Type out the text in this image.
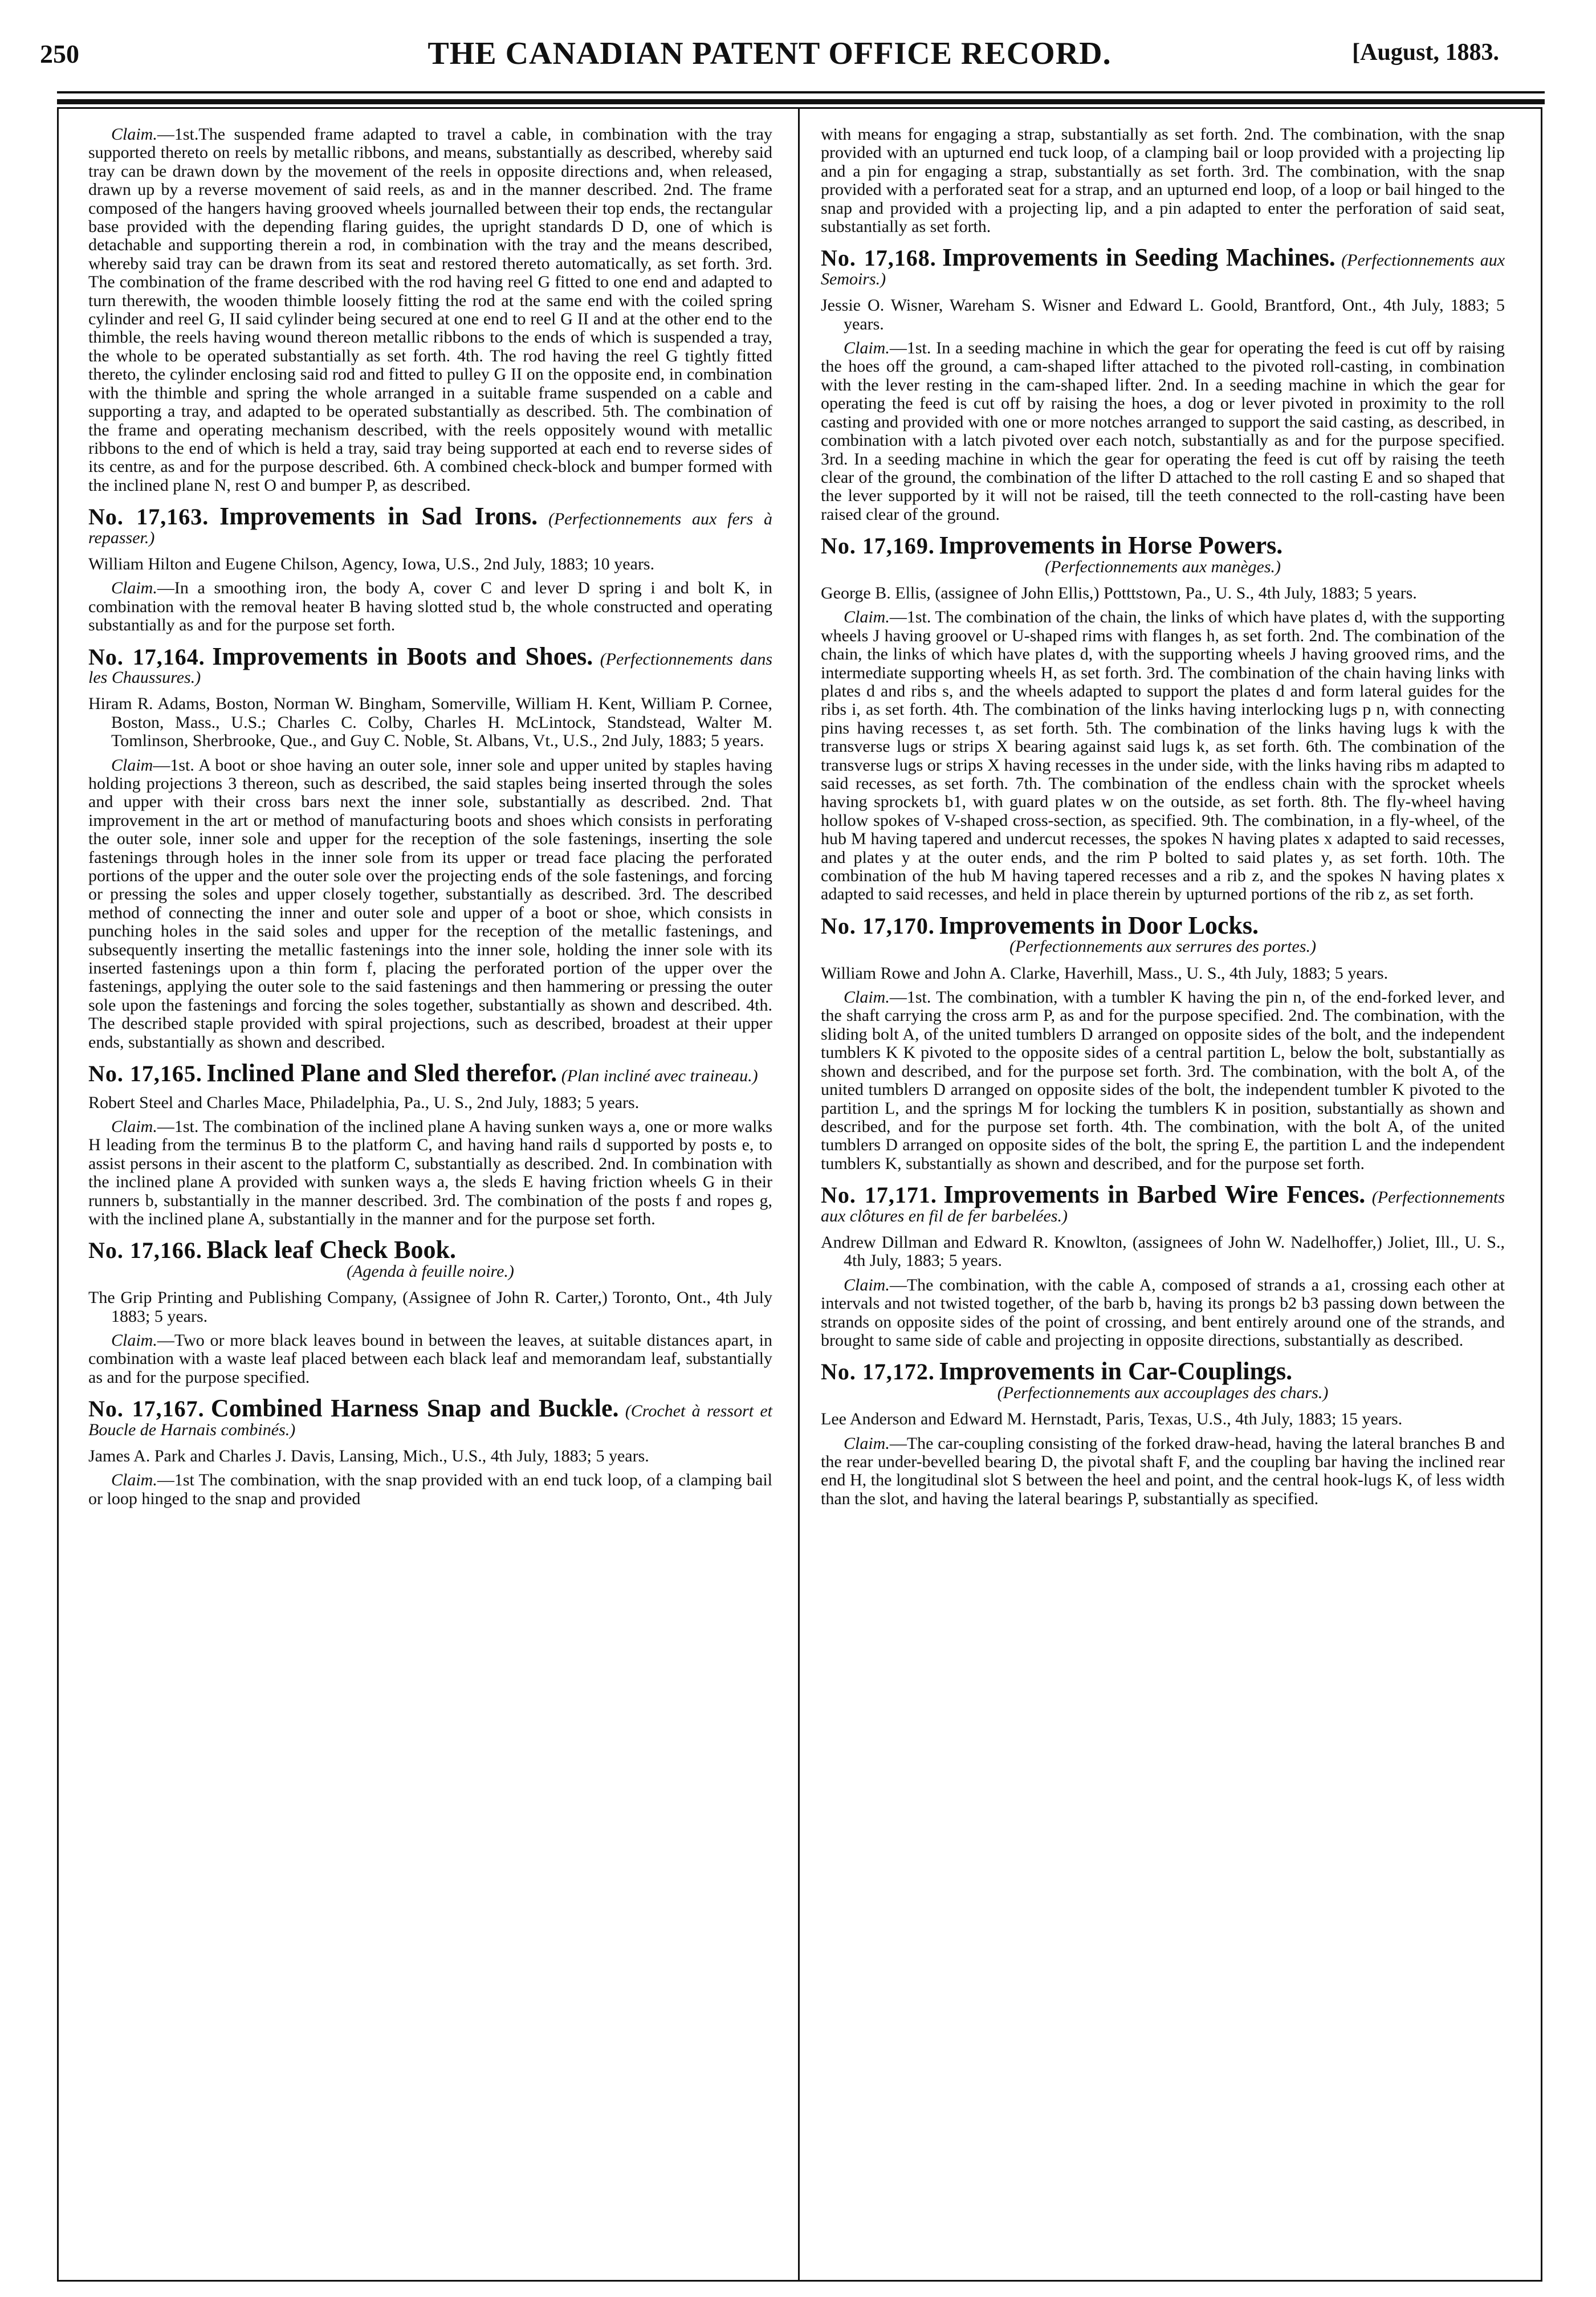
250	THE CANADIAN PATENT OFFICE RECORD.	[August, 1883.

Claim.—1st.The suspended frame adapted to travel a cable, in combination with the tray supported thereto on reels by metallic ribbons, and means, substantially as described, whereby said tray can be drawn down by the movement of the reels in opposite directions and, when released, drawn up by a reverse movement of said reels, as and in the manner described. 2nd. The frame composed of the hangers having grooved wheels journalled between their top ends, the rectangular base provided with the depending flaring guides, the upright standards D D, one of which is detachable and supporting therein a rod, in combination with the tray and the means described, whereby said tray can be drawn from its seat and restored thereto automatically, as set forth. 3rd. The combination of the frame described with the rod having reel G fitted to one end and adapted to turn therewith, the wooden thimble loosely fitting the rod at the same end with the coiled spring cylinder and reel G, II said cylinder being secured at one end to reel G II and at the other end to the thimble, the reels having wound thereon metallic ribbons to the ends of which is suspended a tray, the whole to be operated substantially as set forth. 4th. The rod having the reel G tightly fitted thereto, the cylinder enclosing said rod and fitted to pulley G II on the opposite end, in combination with the thimble and spring the whole arranged in a suitable frame suspended on a cable and supporting a tray, and adapted to be operated substantially as described. 5th. The combination of the frame and operating mechanism described, with the reels oppositely wound with metallic ribbons to the end of which is held a tray, said tray being supported at each end to reverse sides of its centre, as and for the purpose described. 6th. A combined check-block and bumper formed with the inclined plane N, rest O and bumper P, as described.

No. 17,163. Improvements in Sad Irons. (Perfectionnements aux fers à repasser.)

William Hilton and Eugene Chilson, Agency, Iowa, U.S., 2nd July, 1883; 10 years.

Claim.—In a smoothing iron, the body A, cover C and lever D spring i and bolt K, in combination with the removal heater B having slotted stud b, the whole constructed and operating substantially as and for the purpose set forth.

No. 17,164. Improvements in Boots and Shoes. (Perfectionnements dans les Chaussures.)

Hiram R. Adams, Boston, Norman W. Bingham, Somerville, William H. Kent, William P. Cornee, Boston, Mass., U.S.; Charles C. Colby, Charles H. McLintock, Standstead, Walter M. Tomlinson, Sherbrooke, Que., and Guy C. Noble, St. Albans, Vt., U.S., 2nd July, 1883; 5 years.

Claim—1st. A boot or shoe having an outer sole, inner sole and upper united by staples having holding projections 3 thereon, such as described, the said staples being inserted through the soles and upper with their cross bars next the inner sole, substantially as described. 2nd. That improvement in the art or method of manufacturing boots and shoes which consists in perforating the outer sole, inner sole and upper for the reception of the sole fastenings, inserting the sole fastenings through holes in the inner sole from its upper or tread face placing the perforated portions of the upper and the outer sole over the projecting ends of the sole fastenings, and forcing or pressing the soles and upper closely together, substantially as described. 3rd. The described method of connecting the inner and outer sole and upper of a boot or shoe, which consists in punching holes in the said soles and upper for the reception of the metallic fastenings, and subsequently inserting the metallic fastenings into the inner sole, holding the inner sole with its inserted fastenings upon a thin form f, placing the perforated portion of the upper over the fastenings, applying the outer sole to the said fastenings and then hammering or pressing the outer sole upon the fastenings and forcing the soles together, substantially as shown and described. 4th. The described staple provided with spiral projections, such as described, broadest at their upper ends, substantially as shown and described.

No. 17,165. Inclined Plane and Sled therefor. (Plan incliné avec traineau.)

Robert Steel and Charles Mace, Philadelphia, Pa., U. S., 2nd July, 1883; 5 years.

Claim.—1st. The combination of the inclined plane A having sunken ways a, one or more walks H leading from the terminus B to the platform C, and having hand rails d supported by posts e, to assist persons in their ascent to the platform C, substantially as described. 2nd. In combination with the inclined plane A provided with sunken ways a, the sleds E having friction wheels G in their runners b, substantially in the manner described. 3rd. The combination of the posts f and ropes g, with the inclined plane A, substantially in the manner and for the purpose set forth.

No. 17,166. Black leaf Check Book.
(Agenda à feuille noire.)

The Grip Printing and Publishing Company, (Assignee of John R. Carter,) Toronto, Ont., 4th July 1883; 5 years.

Claim.—Two or more black leaves bound in between the leaves, at suitable distances apart, in combination with a waste leaf placed between each black leaf and memorandam leaf, substantially as and for the purpose specified.

No. 17,167. Combined Harness Snap and Buckle. (Crochet à ressort et Boucle de Harnais combinés.)

James A. Park and Charles J. Davis, Lansing, Mich., U.S., 4th July, 1883; 5 years.

Claim.—1st The combination, with the snap provided with an end tuck loop, of a clamping bail or loop hinged to the snap and provided

with means for engaging a strap, substantially as set forth. 2nd. The combination, with the snap provided with an upturned end tuck loop, of a clamping bail or loop provided with a projecting lip and a pin for engaging a strap, substantially as set forth. 3rd. The combination, with the snap provided with a perforated seat for a strap, and an upturned end loop, of a loop or bail hinged to the snap and provided with a projecting lip, and a pin adapted to enter the perforation of said seat, substantially as set forth.

No. 17,168. Improvements in Seeding Machines. (Perfectionnements aux Semoirs.)

Jessie O. Wisner, Wareham S. Wisner and Edward L. Goold, Brantford, Ont., 4th July, 1883; 5 years.

Claim.—1st. In a seeding machine in which the gear for operating the feed is cut off by raising the hoes off the ground, a cam-shaped lifter attached to the pivoted roll-casting, in combination with the lever resting in the cam-shaped lifter. 2nd. In a seeding machine in which the gear for operating the feed is cut off by raising the hoes, a dog or lever pivoted in proximity to the roll casting and provided with one or more notches arranged to support the said casting, as described, in combination with a latch pivoted over each notch, substantially as and for the purpose specified. 3rd. In a seeding machine in which the gear for operating the feed is cut off by raising the teeth clear of the ground, the combination of the lifter D attached to the roll casting E and so shaped that the lever supported by it will not be raised, till the teeth connected to the roll-casting have been raised clear of the ground.

No. 17,169. Improvements in Horse Powers.
(Perfectionnements aux manèges.)

George B. Ellis, (assignee of John Ellis,) Potttstown, Pa., U. S., 4th July, 1883; 5 years.

Claim.—1st. The combination of the chain, the links of which have plates d, with the supporting wheels J having groovel or U-shaped rims with flanges h, as set forth. 2nd. The combination of the chain, the links of which have plates d, with the supporting wheels J having grooved rims, and the intermediate supporting wheels H, as set forth. 3rd. The combination of the chain having links with plates d and ribs s, and the wheels adapted to support the plates d and form lateral guides for the ribs i, as set forth. 4th. The combination of the links having interlocking lugs p n, with connecting pins having recesses t, as set forth. 5th. The combination of the links having lugs k with the transverse lugs or strips X bearing against said lugs k, as set forth. 6th. The combination of the transverse lugs or strips X having recesses in the under side, with the links having ribs m adapted to said recesses, as set forth. 7th. The combination of the endless chain with the sprocket wheels having sprockets b1, with guard plates w on the outside, as set forth. 8th. The fly-wheel having hollow spokes of V-shaped cross-section, as specified. 9th. The combination, in a fly-wheel, of the hub M having tapered and undercut recesses, the spokes N having plates x adapted to said recesses, and plates y at the outer ends, and the rim P bolted to said plates y, as set forth. 10th. The combination of the hub M having tapered recesses and a rib z, and the spokes N having plates x adapted to said recesses, and held in place therein by upturned portions of the rib z, as set forth.

No. 17,170. Improvements in Door Locks.
(Perfectionnements aux serrures des portes.)

William Rowe and John A. Clarke, Haverhill, Mass., U. S., 4th July, 1883; 5 years.

Claim.—1st. The combination, with a tumbler K having the pin n, of the end-forked lever, and the shaft carrying the cross arm P, as and for the purpose specified. 2nd. The combination, with the sliding bolt A, of the united tumblers D arranged on opposite sides of the bolt, and the independent tumblers K K pivoted to the opposite sides of a central partition L, below the bolt, substantially as shown and described, and for the purpose set forth. 3rd. The combination, with the bolt A, of the united tumblers D arranged on opposite sides of the bolt, the independent tumbler K pivoted to the partition L, and the springs M for locking the tumblers K in position, substantially as shown and described, and for the purpose set forth. 4th. The combination, with the bolt A, of the united tumblers D arranged on opposite sides of the bolt, the spring E, the partition L and the independent tumblers K, substantially as shown and described, and for the purpose set forth.

No. 17,171. Improvements in Barbed Wire Fences. (Perfectionnements aux clôtures en fil de fer barbelées.)

Andrew Dillman and Edward R. Knowlton, (assignees of John W. Nadelhoffer,) Joliet, Ill., U. S., 4th July, 1883; 5 years.

Claim.—The combination, with the cable A, composed of strands a a1, crossing each other at intervals and not twisted together, of the barb b, having its prongs b2 b3 passing down between the strands on opposite sides of the point of crossing, and bent entirely around one of the strands, and brought to same side of cable and projecting in opposite directions, substantially as described.

No. 17,172. Improvements in Car-Couplings.
(Perfectionnements aux accouplages des chars.)

Lee Anderson and Edward M. Hernstadt, Paris, Texas, U.S., 4th July, 1883; 15 years.

Claim.—The car-coupling consisting of the forked draw-head, having the lateral branches B and the rear under-bevelled bearing D, the pivotal shaft F, and the coupling bar having the inclined rear end H, the longitudinal slot S between the heel and point, and the central hook-lugs K, of less width than the slot, and having the lateral bearings P, substantially as specified.
